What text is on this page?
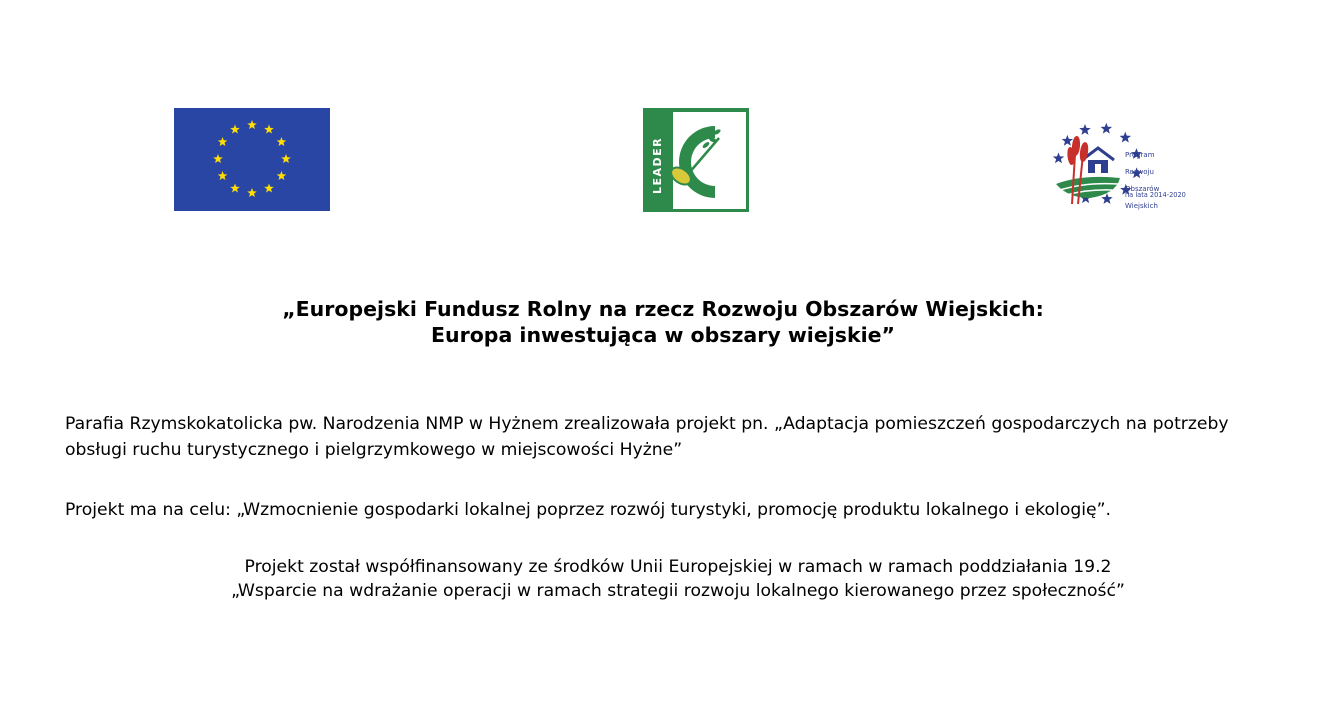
LEADER	Program

Rozwoju

Obszarów

Wiejskich

na lata 2014-2020
„Europejski Fundusz Rolny na rzecz Rozwoju Obszarów Wiejskich:
Europa inwestująca w obszary wiejskie”
Parafia Rzymskokatolicka pw. Narodzenia NMP w Hyżnem zrealizowała projekt pn. „Adaptacja pomieszczeń gospodarczych na potrzeby obsługi ruchu turystycznego i pielgrzymkowego w miejscowości Hyżne”
Projekt ma na celu: „Wzmocnienie gospodarki lokalnej poprzez rozwój turystyki, promocję produktu lokalnego i ekologię”.
Projekt został współfinansowany ze środków Unii Europejskiej w ramach w ramach poddziałania 19.2
„Wsparcie na wdrażanie operacji w ramach strategii rozwoju lokalnego kierowanego przez społeczność”
